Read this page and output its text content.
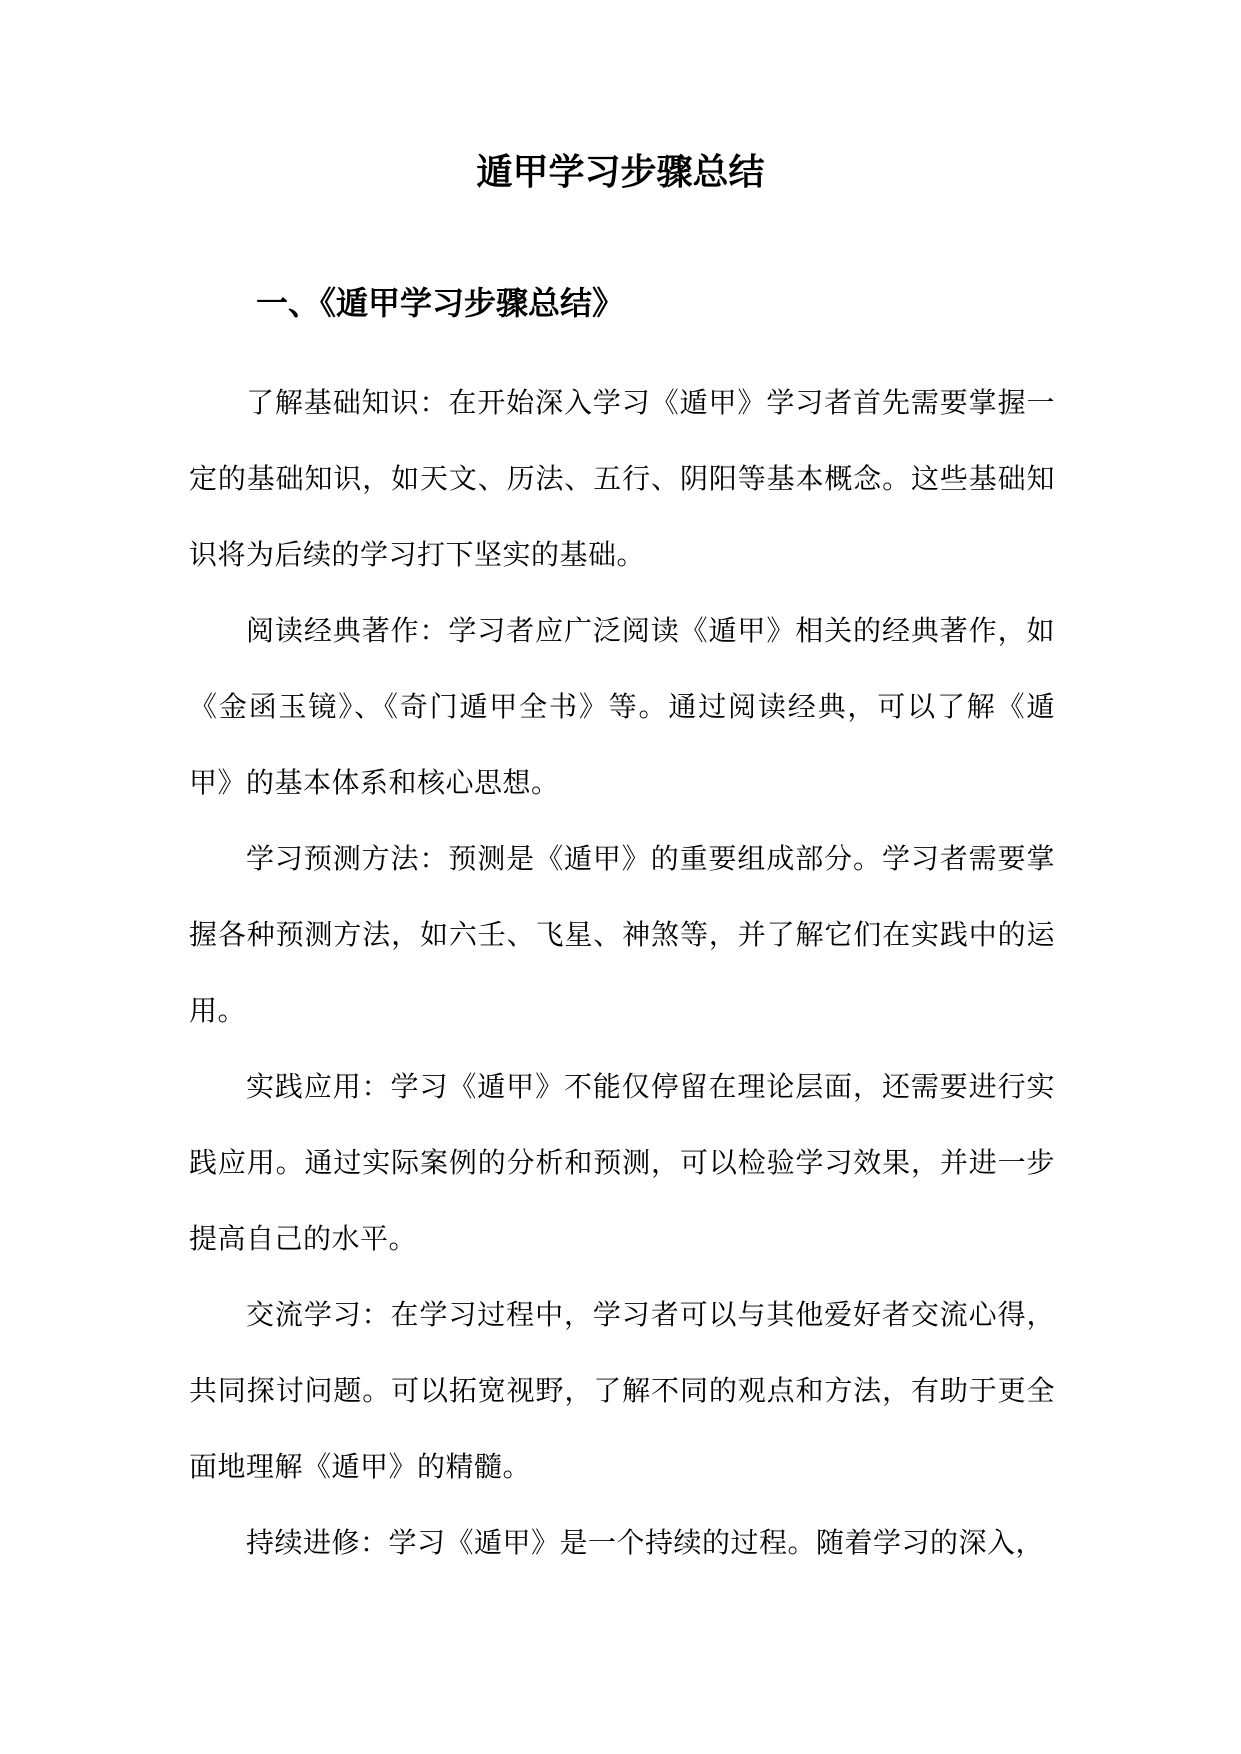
遁甲学习步骤总结
一、《遁甲学习步骤总结》

了解基础知识：在开始深入学习《遁甲》学习者首先需要掌握一定的基础知识，如天文、历法、五行、阴阳等基本概念。这些基础知识将为后续的学习打下坚实的基础。

阅读经典著作：学习者应广泛阅读《遁甲》相关的经典著作，如《金函玉镜》、《奇门遁甲全书》等。通过阅读经典，可以了解《遁甲》的基本体系和核心思想。

学习预测方法：预测是《遁甲》的重要组成部分。学习者需要掌握各种预测方法，如六壬、飞星、神煞等，并了解它们在实践中的运用。

实践应用：学习《遁甲》不能仅停留在理论层面，还需要进行实践应用。通过实际案例的分析和预测，可以检验学习效果，并进一步提高自己的水平。

交流学习：在学习过程中，学习者可以与其他爱好者交流心得，共同探讨问题。可以拓宽视野，了解不同的观点和方法，有助于更全面地理解《遁甲》的精髓。

持续进修：学习《遁甲》是一个持续的过程。随着学习的深入，
